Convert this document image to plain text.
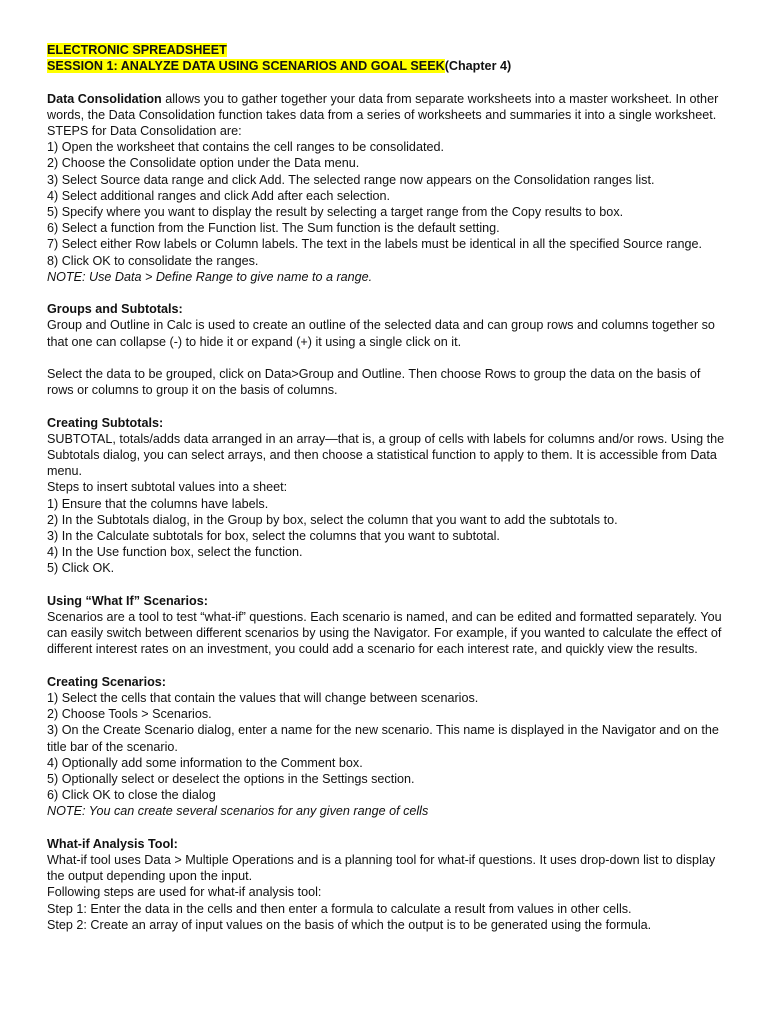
ELECTRONIC SPREADSHEET

SESSION 1: ANALYZE DATA USING SCENARIOS AND GOAL SEEK(Chapter 4)

Data Consolidation allows you to gather together your data from separate worksheets into a master worksheet. In other words, the Data Consolidation function takes data from a series of worksheets and summaries it into a single worksheet.

STEPS for Data Consolidation are:

1) Open the worksheet that contains the cell ranges to be consolidated.

2) Choose the Consolidate option under the Data menu.

3) Select Source data range and click Add. The selected range now appears on the Consolidation ranges list.

4) Select additional ranges and click Add after each selection.

5) Specify where you want to display the result by selecting a target range from the Copy results to box.

6) Select a function from the Function list. The Sum function is the default setting.

7) Select either Row labels or Column labels. The text in the labels must be identical in all the specified Source range.

8) Click OK to consolidate the ranges.

NOTE: Use Data > Define Range to give name to a range.

Groups and Subtotals:

Group and Outline in Calc is used to create an outline of the selected data and can group rows and columns together so that one can collapse (-) to hide it or expand (+) it using a single click on it.

Select the data to be grouped, click on Data>Group and Outline. Then choose Rows to group the data on the basis of rows or columns to group it on the basis of columns.

Creating Subtotals:

SUBTOTAL, totals/adds data arranged in an array—that is, a group of cells with labels for columns and/or rows. Using the Subtotals dialog, you can select arrays, and then choose a statistical function to apply to them. It is accessible from Data menu.

Steps to insert subtotal values into a sheet:

1) Ensure that the columns have labels.

2) In the Subtotals dialog, in the Group by box, select the column that you want to add the subtotals to.

3) In the Calculate subtotals for box, select the columns that you want to subtotal.

4) In the Use function box, select the function.

5) Click OK.

Using “What If” Scenarios:

Scenarios are a tool to test “what-if” questions. Each scenario is named, and can be edited and formatted separately. You can easily switch between different scenarios by using the Navigator. For example, if you wanted to calculate the effect of different interest rates on an investment, you could add a scenario for each interest rate, and quickly view the results.

Creating Scenarios:

1) Select the cells that contain the values that will change between scenarios.

2) Choose Tools > Scenarios.

3) On the Create Scenario dialog, enter a name for the new scenario. This name is displayed in the Navigator and on the title bar of the scenario.

4) Optionally add some information to the Comment box.

5) Optionally select or deselect the options in the Settings section.

6) Click OK to close the dialog

NOTE: You can create several scenarios for any given range of cells

What-if Analysis Tool:

What-if tool uses Data > Multiple Operations and is a planning tool for what-if questions. It uses drop-down list to display the output depending upon the input.

Following steps are used for what-if analysis tool:

Step 1: Enter the data in the cells and then enter a formula to calculate a result from values in other cells.

Step 2: Create an array of input values on the basis of which the output is to be generated using the formula.
